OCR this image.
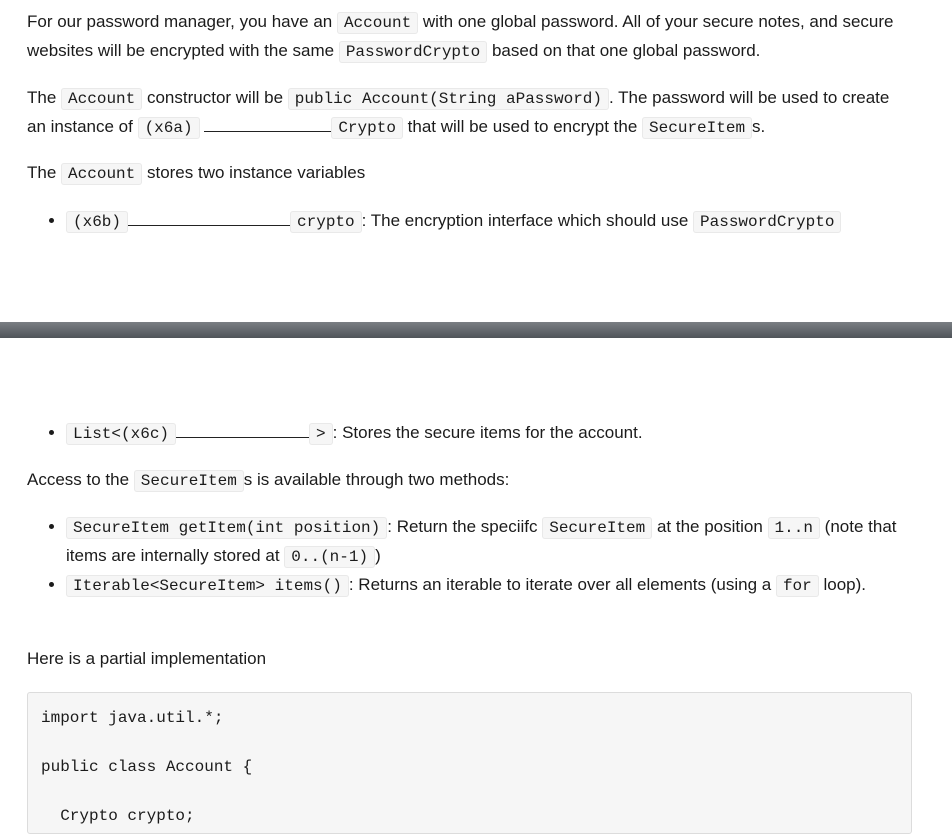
For our password manager, you have an Account with one global password. All of your secure notes, and secure websites will be encrypted with the same PasswordCrypto based on that one global password.

The Account constructor will be public Account(String aPassword) . The password will be used to create an instance of (x6a)	Crypto that will be used to encrypt the SecureItem s.

The Account stores two instance variables

• (x6b)	crypto : The encryption interface which should use PasswordCrypto
• List<(x6c)	> : Stores the secure items for the account.

Access to the SecureItem s is available through two methods:

• SecureItem getItem(int position) : Return the speciifc SecureItem at the position 1..n (note that items are internally stored at 0..(n-1) )
• Iterable<SecureItem> items() : Returns an iterable to iterate over all elements (using a for loop).

Here is a partial implementation

import java.util.*;

public class Account {

Crypto crypto;
